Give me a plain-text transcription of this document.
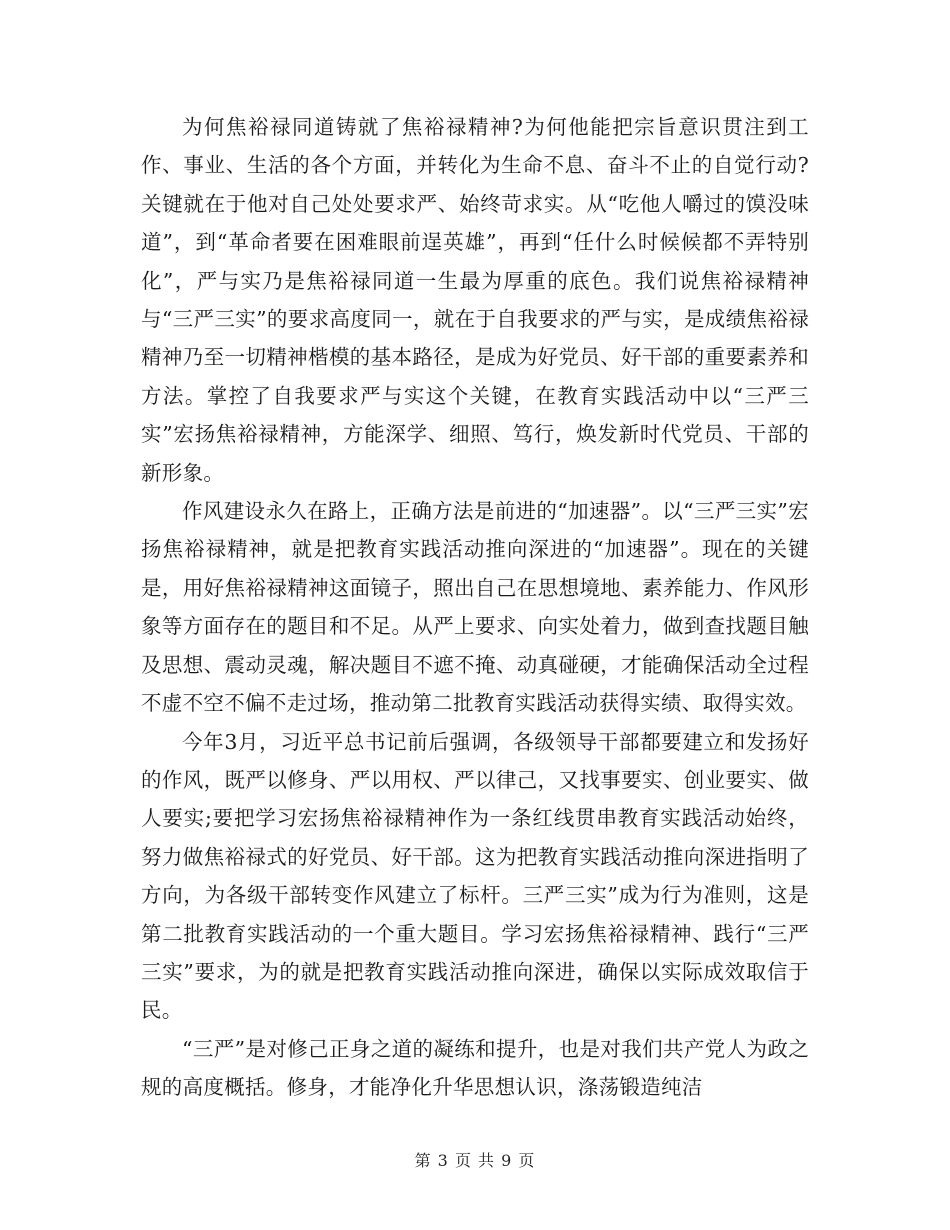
为何焦裕禄同道铸就了焦裕禄精神?为何他能把宗旨意识贯注到工作、事业、生活的各个方面，并转化为生命不息、奋斗不止的自觉行动?关键就在于他对自己处处要求严、始终苛求实。从“吃他人嚼过的馍没味道”，到“革命者要在困难眼前逞英雄”，再到“任什么时候候都不弄特别化”，严与实乃是焦裕禄同道一生最为厚重的底色。我们说焦裕禄精神与“三严三实”的要求高度同一，就在于自我要求的严与实，是成绩焦裕禄精神乃至一切精神楷模的基本路径，是成为好党员、好干部的重要素养和方法。掌控了自我要求严与实这个关键，在教育实践活动中以“三严三实”宏扬焦裕禄精神，方能深学、细照、笃行，焕发新时代党员、干部的新形象。

作风建设永久在路上，正确方法是前进的“加速器”。以“三严三实”宏扬焦裕禄精神，就是把教育实践活动推向深进的“加速器”。现在的关键是，用好焦裕禄精神这面镜子，照出自己在思想境地、素养能力、作风形象等方面存在的题目和不足。从严上要求、向实处着力，做到查找题目触及思想、震动灵魂，解决题目不遮不掩、动真碰硬，才能确保活动全过程不虚不空不偏不走过场，推动第二批教育实践活动获得实绩、取得实效。

今年3月，习近平总书记前后强调，各级领导干部都要建立和发扬好的作风，既严以修身、严以用权、严以律己，又找事要实、创业要实、做人要实;要把学习宏扬焦裕禄精神作为一条红线贯串教育实践活动始终，努力做焦裕禄式的好党员、好干部。这为把教育实践活动推向深进指明了方向，为各级干部转变作风建立了标杆。三严三实”成为行为准则，这是第二批教育实践活动的一个重大题目。学习宏扬焦裕禄精神、践行“三严三实”要求，为的就是把教育实践活动推向深进，确保以实际成效取信于民。

“三严”是对修己正身之道的凝练和提升，也是对我们共产党人为政之规的高度概括。修身，才能净化升华思想认识，涤荡锻造纯洁

第 3 页 共 9 页
